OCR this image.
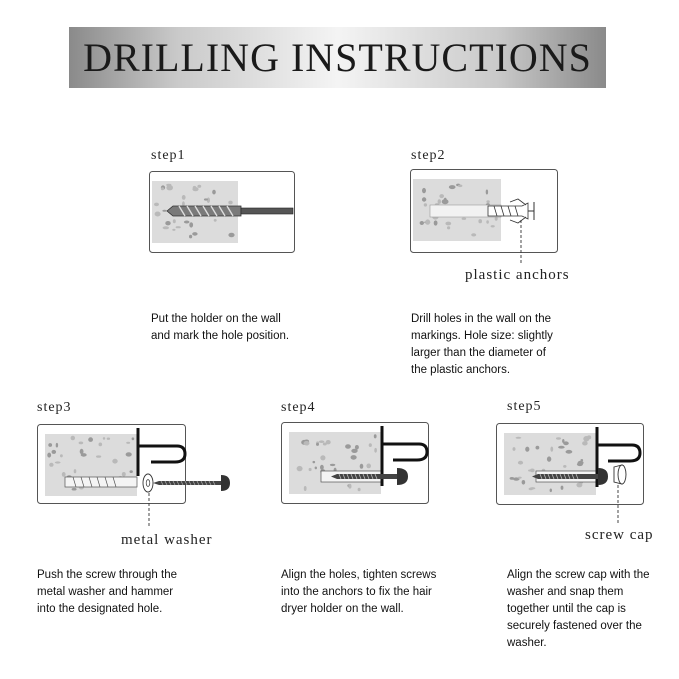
DRILLING INSTRUCTIONS
step1

Put the holder on the wall
and mark the hole position.

step2
plastic anchors

Drill holes in the wall on the
markings. Hole size: slightly
larger than the diameter of
the plastic anchors.

step3
metal washer

Push the screw through the
metal washer and hammer
into the designated hole.

step4

Align the holes, tighten screws
into the anchors to fix the hair
dryer holder on the wall.

step5
screw cap

Align the screw cap with the
washer and snap them
together until the cap is
securely fastened over the
washer.
